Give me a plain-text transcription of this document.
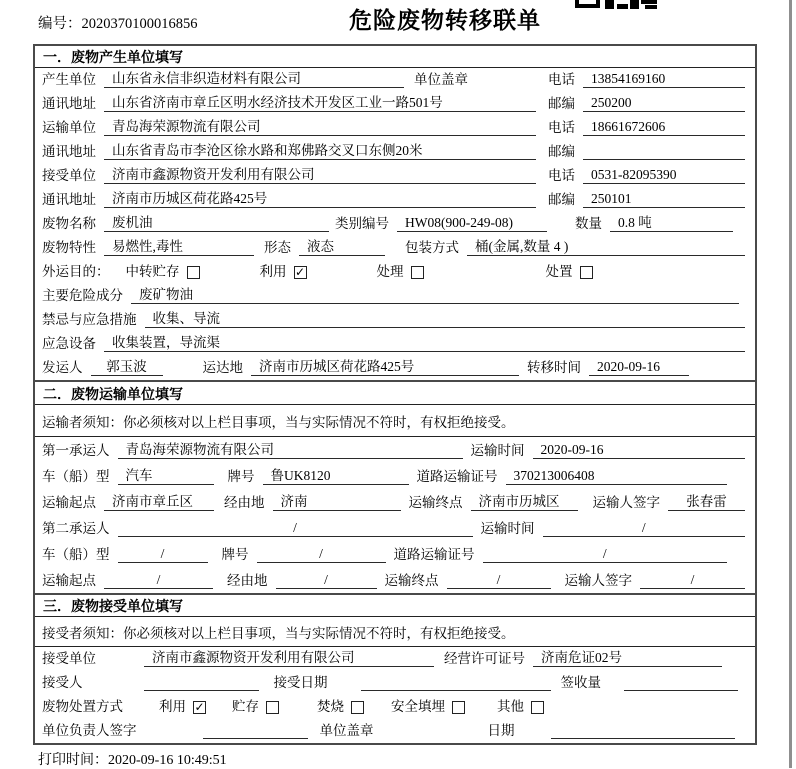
编号：2020370100016856	危险废物转移联单
一．废物产生单位填写
产生单位	山东省永信非织造材料有限公司	单位盖章	电话	13854169160
通讯地址	山东省济南市章丘区明水经济技术开发区工业一路501号	邮编	250200
运输单位	青岛海荣源物流有限公司	电话	18661672606
通讯地址	山东省青岛市李沧区徐水路和郑佛路交叉口东侧20米	邮编
接受单位	济南市鑫源物资开发利用有限公司	电话	0531-82095390
通讯地址	济南市历城区荷花路425号	邮编	250101
废物名称	废机油	类别编号	HW08(900-249-08)	数量	0.8 吨
废物特性	易燃性,毒性	形态	液态	包装方式	桶(金属,数量 4 )
外运目的： 中转贮存	利用 ✓	处理	处置
主要危险成分	废矿物油
禁忌与应急措施	收集、导流
应急设备	收集装置，导流渠
发运人	郭玉波	运达地	济南市历城区荷花路425号	转移时间	2020-09-16
二．废物运输单位填写
运输者须知：你必须核对以上栏目事项，当与实际情况不符时，有权拒绝接受。
第一承运人	青岛海荣源物流有限公司	运输时间	2020-09-16
车（船）型	汽车	牌号	鲁UK8120	道路运输证号	370213006408
运输起点	济南市章丘区	经由地	济南	运输终点	济南市历城区	运输人签字	张春雷
第二承运人	/	运输时间	/
车（船）型	/	牌号	/	道路运输证号	/
运输起点	/	经由地	/	运输终点	/	运输人签字	/
三．废物接受单位填写
接受者须知：你必须核对以上栏目事项，当与实际情况不符时，有权拒绝接受。
接受单位	济南市鑫源物资开发利用有限公司	经营许可证号	济南危证02号
接受人	接受日期	签收量
废物处置方式	利用 ✓ 贮存	焚烧	安全填埋	其他
单位负责人签字	单位盖章	日期
打印时间：2020-09-16 10:49:51
